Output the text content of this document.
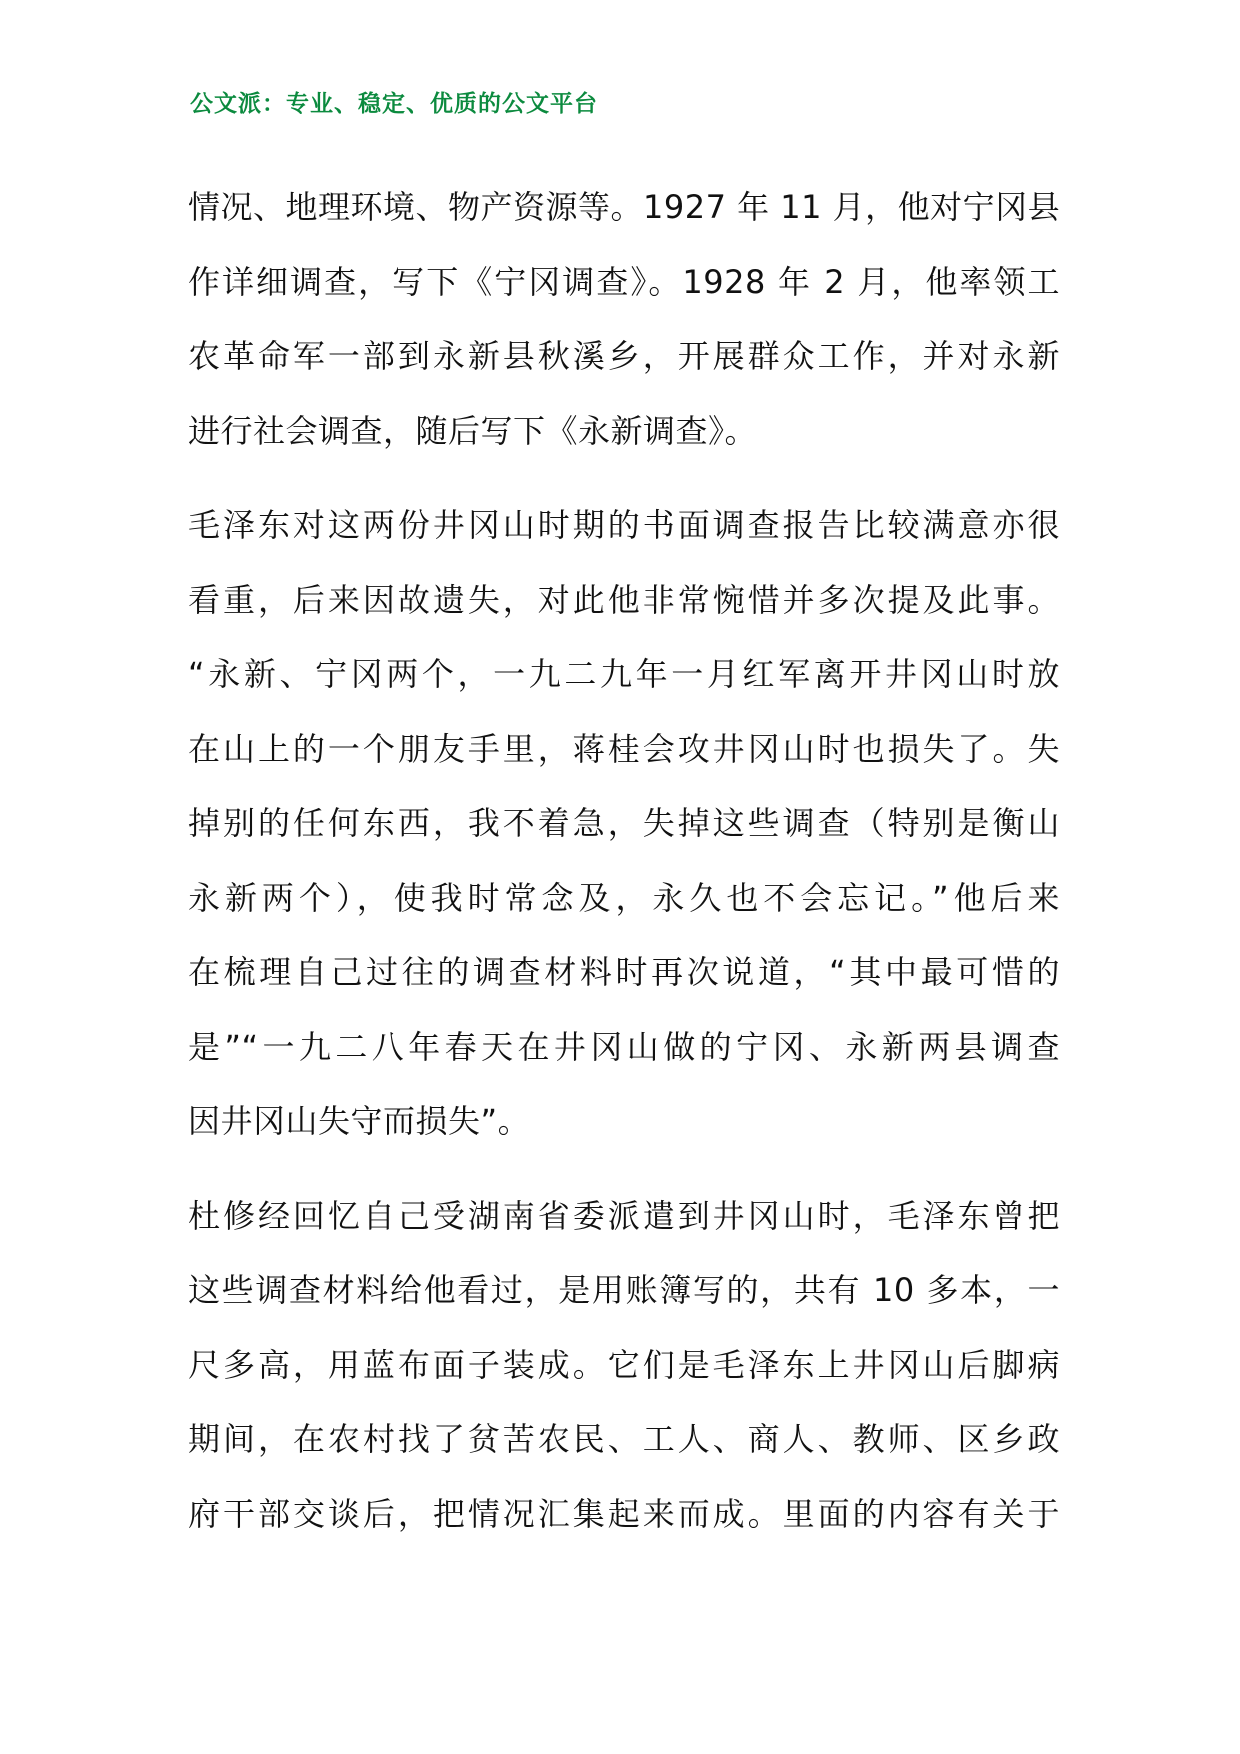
公文派：专业、稳定、优质的公文平台
情况、地理环境、物产资源等。1927 年 11 月，他对宁冈县
作详细调查，写下《宁冈调查》。1928 年 2 月，他率领工
农革命军一部到永新县秋溪乡，开展群众工作，并对永新
进行社会调查，随后写下《永新调查》。
毛泽东对这两份井冈山时期的书面调查报告比较满意亦很
看重，后来因故遗失，对此他非常惋惜并多次提及此事。
“永新、宁冈两个，一九二九年一月红军离开井冈山时放
在山上的一个朋友手里，蒋桂会攻井冈山时也损失了。失
掉别的任何东西，我不着急，失掉这些调查（特别是衡山
永新两个），使我时常念及，永久也不会忘记。”他后来
在梳理自己过往的调查材料时再次说道，“其中最可惜的
是”“一九二八年春天在井冈山做的宁冈、永新两县调查
因井冈山失守而损失”。
杜修经回忆自己受湖南省委派遣到井冈山时，毛泽东曾把
这些调查材料给他看过，是用账簿写的，共有 10 多本，一
尺多高，用蓝布面子装成。它们是毛泽东上井冈山后脚病
期间，在农村找了贫苦农民、工人、商人、教师、区乡政
府干部交谈后，把情况汇集起来而成。里面的内容有关于
